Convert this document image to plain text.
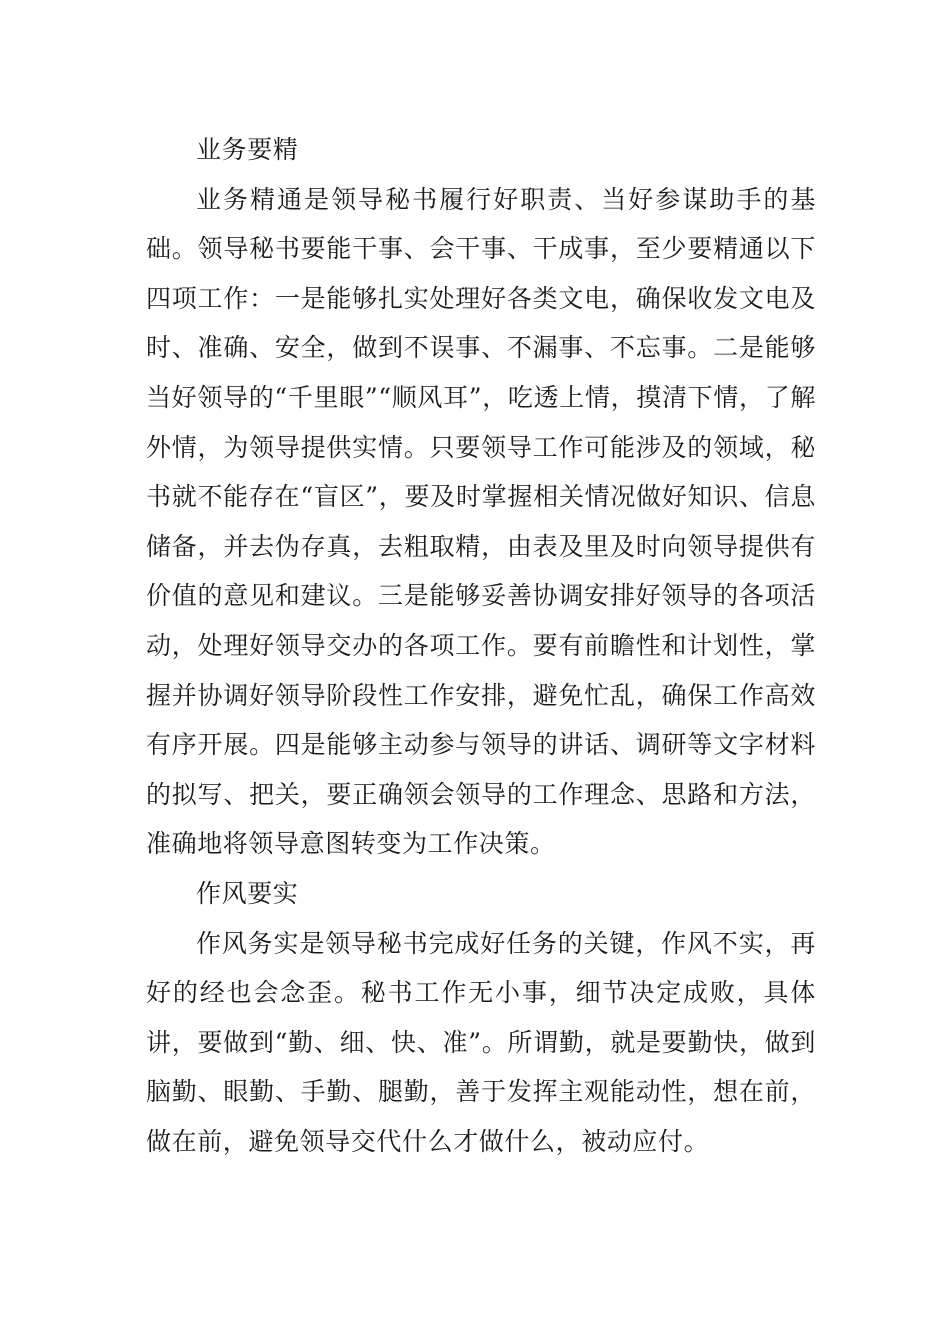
业务要精

业务精通是领导秘书履行好职责、当好参谋助手的基础。领导秘书要能干事、会干事、干成事，至少要精通以下四项工作：一是能够扎实处理好各类文电，确保收发文电及时、准确、安全，做到不误事、不漏事、不忘事。二是能够当好领导的“千里眼”“顺风耳”，吃透上情，摸清下情，了解外情，为领导提供实情。只要领导工作可能涉及的领域，秘书就不能存在“盲区”，要及时掌握相关情况做好知识、信息储备，并去伪存真，去粗取精，由表及里及时向领导提供有价值的意见和建议。三是能够妥善协调安排好领导的各项活动，处理好领导交办的各项工作。要有前瞻性和计划性，掌握并协调好领导阶段性工作安排，避免忙乱，确保工作高效有序开展。四是能够主动参与领导的讲话、调研等文字材料的拟写、把关，要正确领会领导的工作理念、思路和方法，准确地将领导意图转变为工作决策。

作风要实

作风务实是领导秘书完成好任务的关键，作风不实，再好的经也会念歪。秘书工作无小事，细节决定成败，具体讲，要做到“勤、细、快、准”。所谓勤，就是要勤快，做到脑勤、眼勤、手勤、腿勤，善于发挥主观能动性，想在前，做在前，避免领导交代什么才做什么，被动应付。
